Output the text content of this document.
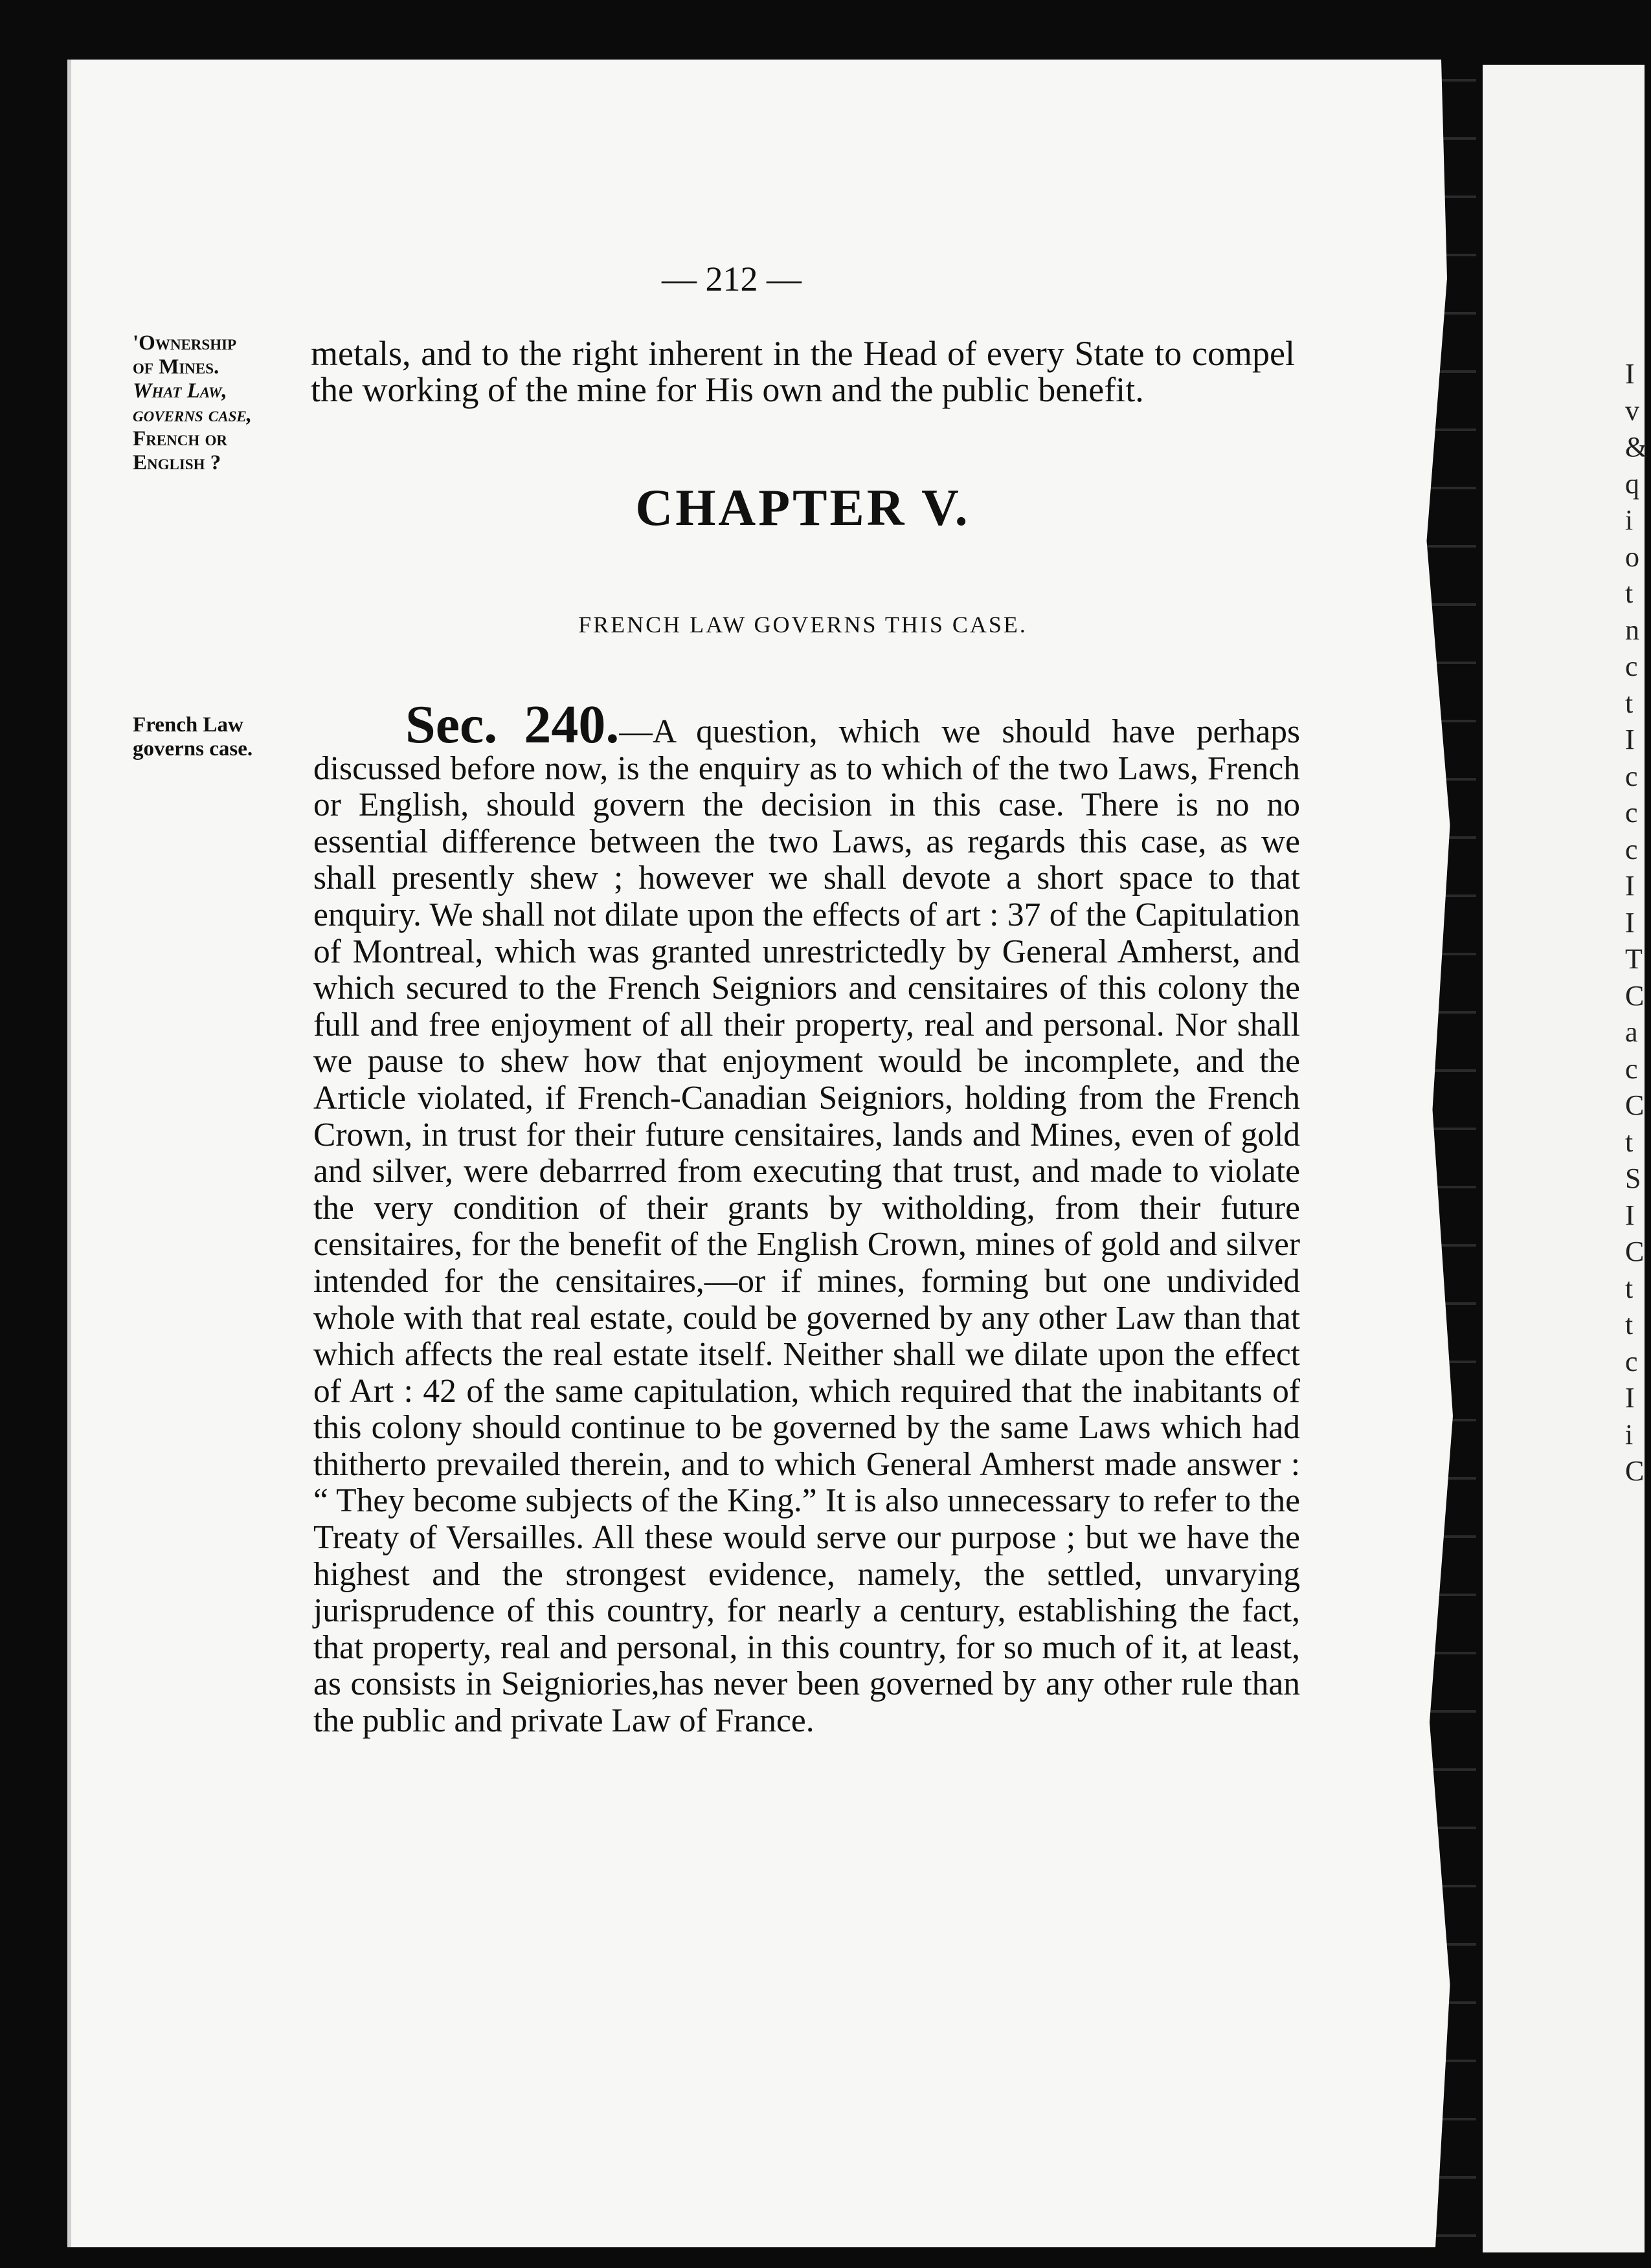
I
v
&
q
i
o
t
n
c
t
I
c
c
c
I
I
T
C
a
c
C
t
S
I
C
t
t
c
I
i
C
— 212 —
'Ownership
of Mines.
What Law,
governs case,
French or
English ?
metals, and to the right inherent in the Head of every State to compel the working of the mine for His own and the public benefit.
CHAPTER V.
FRENCH LAW GOVERNS THIS CASE.
French Law
governs case.	Sec. 240.—A question, which we should have perhaps discussed before now, is the enquiry as to which of the two Laws, French or English, should govern the decision in this case. There is no no essential difference between the two Laws, as regards this case, as we shall presently shew ; however we shall devote a short space to that enquiry. We shall not dilate upon the effects of art : 37 of the Capitulation of Montreal, which was granted unrestrictedly by General Amherst, and which secured to the French Seigniors and censitaires of this colony the full and free enjoyment of all their property, real and personal. Nor shall we pause to shew how that enjoyment would be incomplete, and the Article violated, if French-Canadian Seigniors, holding from the French Crown, in trust for their future censitaires, lands and Mines, even of gold and silver, were debarrred from executing that trust, and made to violate the very condition of their grants by witholding, from their future censitaires, for the benefit of the English Crown, mines of gold and silver intended for the censitaires,—or if mines, forming but one undivided whole with that real estate, could be governed by any other Law than that which affects the real estate itself. Neither shall we dilate upon the effect of Art : 42 of the same capitulation, which required that the inabitants of this colony should continue to be governed by the same Laws which had thitherto prevailed therein, and to which General Amherst made answer : “ They become subjects of the King.” It is also unnecessary to refer to the Treaty of Versailles. All these would serve our purpose ; but we have the highest and the strongest evidence, namely, the settled, unvarying jurisprudence of this country, for nearly a century, establishing the fact, that property, real and personal, in this country, for so much of it, at least, as consists in Seigniories,has never been governed by any other rule than the public and private Law of France.
